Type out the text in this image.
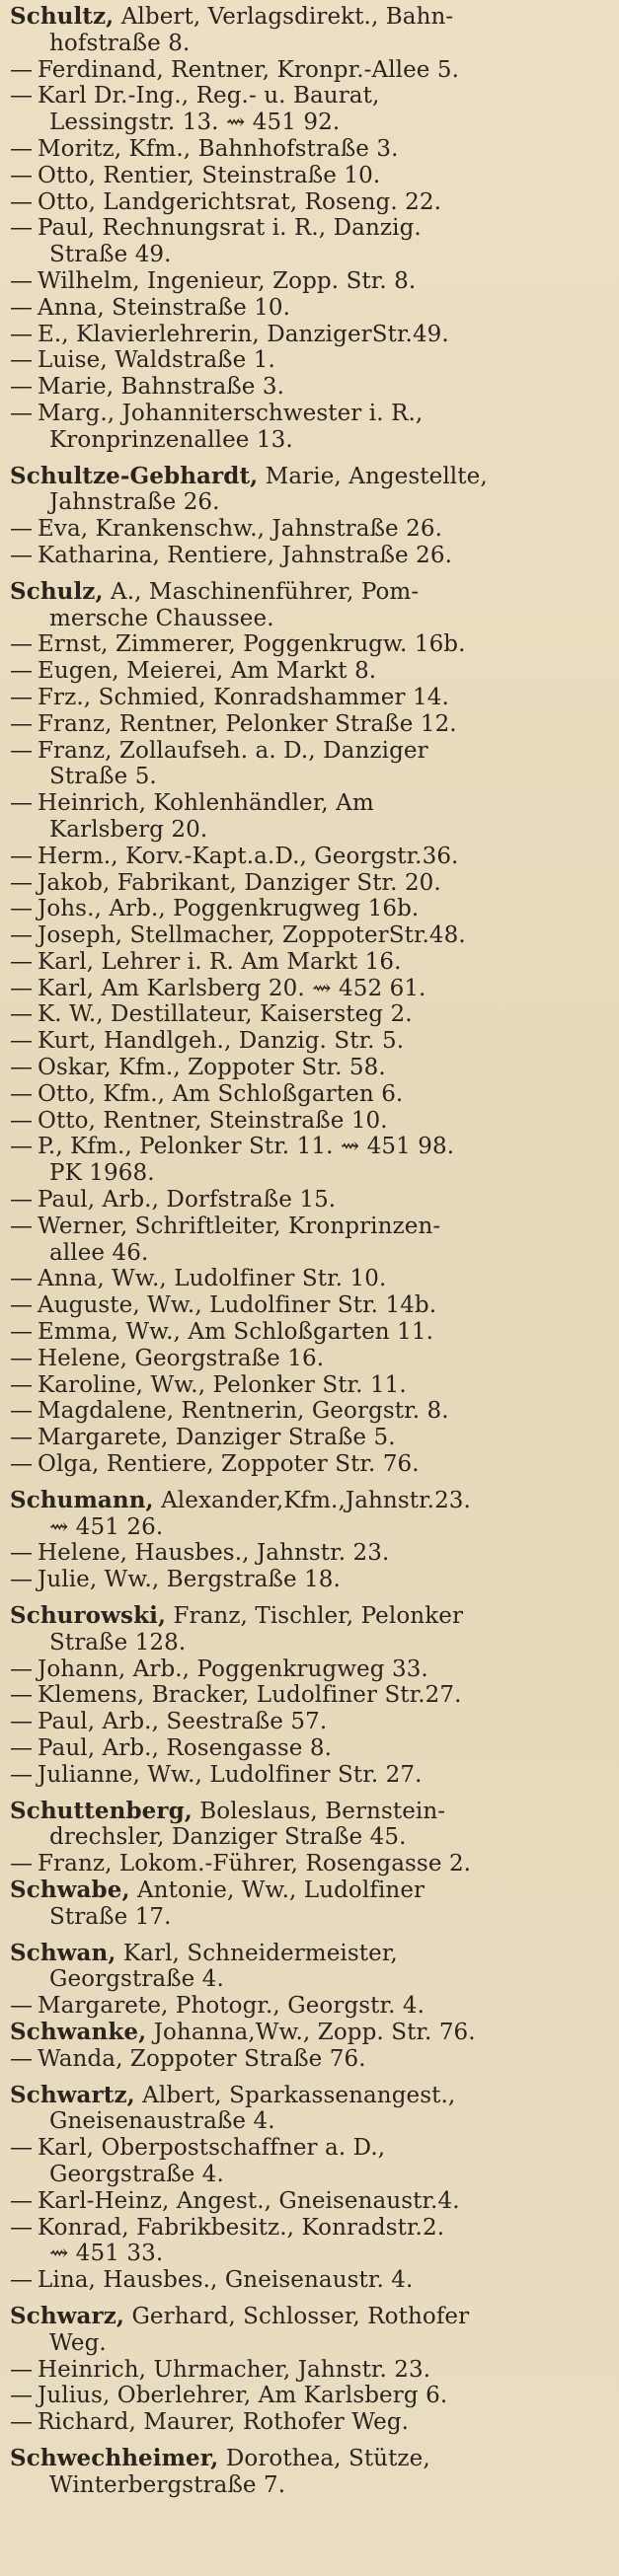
Schultz, Albert, Verlagsdirekt., Bahn-
hofstraße 8.
— Ferdinand, Rentner, Kronpr.-Allee 5.
— Karl Dr.-Ing., Reg.- u. Baurat,
Lessingstr. 13. ⇝ 451 92.
— Moritz, Kfm., Bahnhofstraße 3.
— Otto, Rentier, Steinstraße 10.
— Otto, Landgerichtsrat, Roseng. 22.
— Paul, Rechnungsrat i. R., Danzig.
Straße 49.
— Wilhelm, Ingenieur, Zopp. Str. 8.
— Anna, Steinstraße 10.
— E., Klavierlehrerin, DanzigerStr.49.
— Luise, Waldstraße 1.
— Marie, Bahnstraße 3.
— Marg., Johanniterschwester i. R.,
Kronprinzenallee 13.
Schultze-Gebhardt, Marie, Angestellte,
Jahnstraße 26.
— Eva, Krankenschw., Jahnstraße 26.
— Katharina, Rentiere, Jahnstraße 26.
Schulz, A., Maschinenführer, Pom-
mersche Chaussee.
— Ernst, Zimmerer, Poggenkrugw. 16b.
— Eugen, Meierei, Am Markt 8.
— Frz., Schmied, Konradshammer 14.
— Franz, Rentner, Pelonker Straße 12.
— Franz, Zollaufseh. a. D., Danziger
Straße 5.
— Heinrich, Kohlenhändler, Am
Karlsberg 20.
— Herm., Korv.-Kapt.a.D., Georgstr.36.
— Jakob, Fabrikant, Danziger Str. 20.
— Johs., Arb., Poggenkrugweg 16b.
— Joseph, Stellmacher, ZoppoterStr.48.
— Karl, Lehrer i. R. Am Markt 16.
— Karl, Am Karlsberg 20. ⇝ 452 61.
— K. W., Destillateur, Kaisersteg 2.
— Kurt, Handlgeh., Danzig. Str. 5.
— Oskar, Kfm., Zoppoter Str. 58.
— Otto, Kfm., Am Schloßgarten 6.
— Otto, Rentner, Steinstraße 10.
— P., Kfm., Pelonker Str. 11. ⇝ 451 98.
PK 1968.
— Paul, Arb., Dorfstraße 15.
— Werner, Schriftleiter, Kronprinzen-
allee 46.
— Anna, Ww., Ludolfiner Str. 10.
— Auguste, Ww., Ludolfiner Str. 14b.
— Emma, Ww., Am Schloßgarten 11.
— Helene, Georgstraße 16.
— Karoline, Ww., Pelonker Str. 11.
— Magdalene, Rentnerin, Georgstr. 8.
— Margarete, Danziger Straße 5.
— Olga, Rentiere, Zoppoter Str. 76.
Schumann, Alexander,Kfm.,Jahnstr.23.
⇝ 451 26.
— Helene, Hausbes., Jahnstr. 23.
— Julie, Ww., Bergstraße 18.
Schurowski, Franz, Tischler, Pelonker
Straße 128.
— Johann, Arb., Poggenkrugweg 33.
— Klemens, Bracker, Ludolfiner Str.27.
— Paul, Arb., Seestraße 57.
— Paul, Arb., Rosengasse 8.
— Julianne, Ww., Ludolfiner Str. 27.
Schuttenberg, Boleslaus, Bernstein-
drechsler, Danziger Straße 45.
— Franz, Lokom.-Führer, Rosengasse 2.
Schwabe, Antonie, Ww., Ludolfiner
Straße 17.
Schwan, Karl, Schneidermeister,
Georgstraße 4.
— Margarete, Photogr., Georgstr. 4.
Schwanke, Johanna,Ww., Zopp. Str. 76.
— Wanda, Zoppoter Straße 76.
Schwartz, Albert, Sparkassenangest.,
Gneisenaustraße 4.
— Karl, Oberpostschaffner a. D.,
Georgstraße 4.
— Karl-Heinz, Angest., Gneisenaustr.4.
— Konrad, Fabrikbesitz., Konradstr.2.
⇝ 451 33.
— Lina, Hausbes., Gneisenaustr. 4.
Schwarz, Gerhard, Schlosser, Rothofer
Weg.
— Heinrich, Uhrmacher, Jahnstr. 23.
— Julius, Oberlehrer, Am Karlsberg 6.
— Richard, Maurer, Rothofer Weg.
Schwechheimer, Dorothea, Stütze,
Winterbergstraße 7.
